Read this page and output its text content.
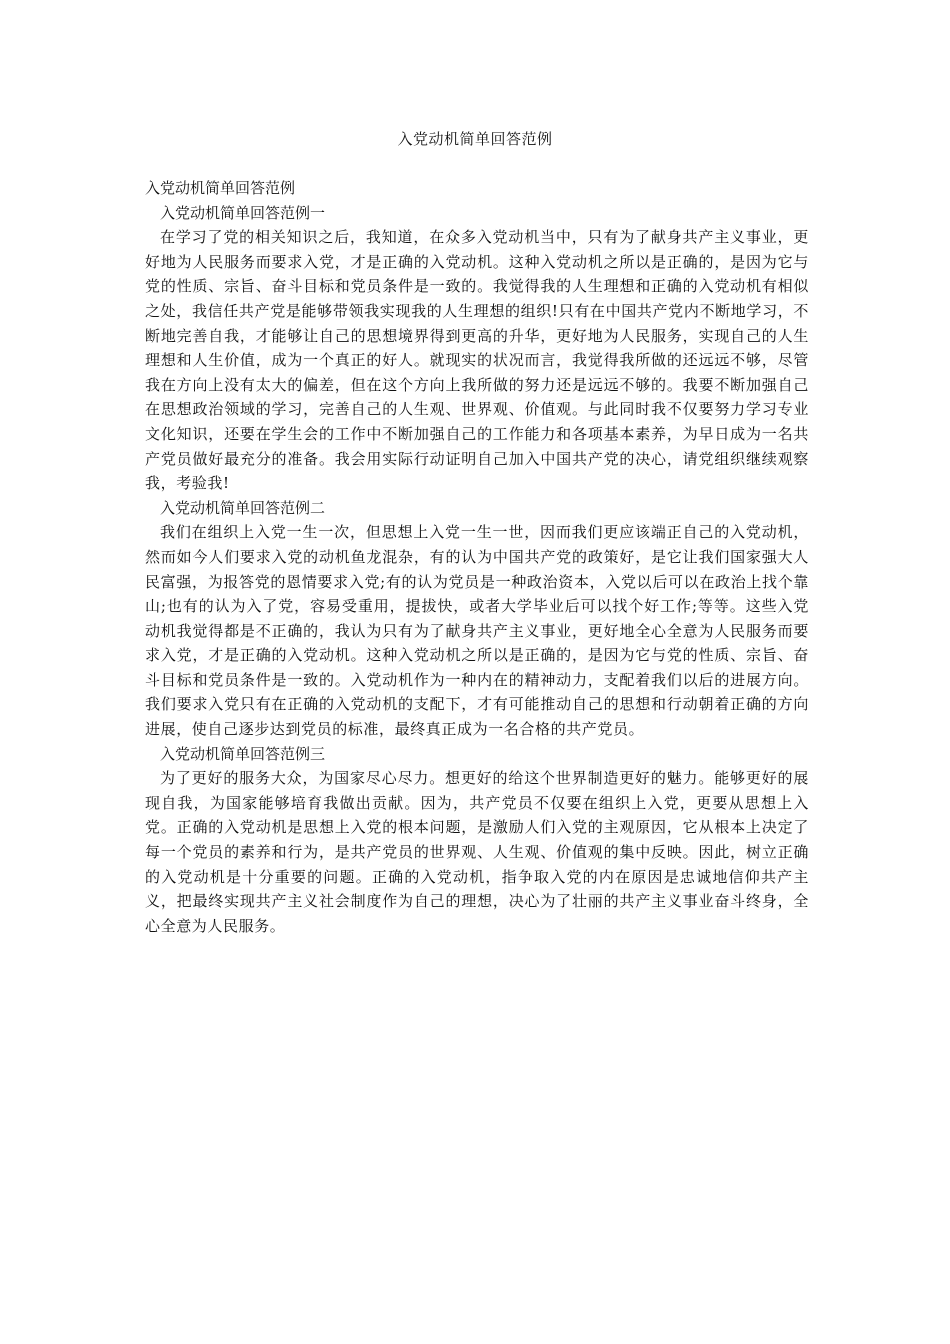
入党动机简单回答范例

入党动机简单回答范例

入党动机简单回答范例一

在学习了党的相关知识之后，我知道，在众多入党动机当中，只有为了献身共产主义事业，更好地为人民服务而要求入党，才是正确的入党动机。这种入党动机之所以是正确的，是因为它与党的性质、宗旨、奋斗目标和党员条件是一致的。我觉得我的人生理想和正确的入党动机有相似之处，我信任共产党是能够带领我实现我的人生理想的组织!只有在中国共产党内不断地学习，不断地完善自我，才能够让自己的思想境界得到更高的升华，更好地为人民服务，实现自己的人生理想和人生价值，成为一个真正的好人。就现实的状况而言，我觉得我所做的还远远不够，尽管我在方向上没有太大的偏差，但在这个方向上我所做的努力还是远远不够的。我要不断加强自己在思想政治领域的学习，完善自己的人生观、世界观、价值观。与此同时我不仅要努力学习专业文化知识，还要在学生会的工作中不断加强自己的工作能力和各项基本素养，为早日成为一名共产党员做好最充分的准备。我会用实际行动证明自己加入中国共产党的决心，请党组织继续观察我，考验我!

入党动机简单回答范例二

我们在组织上入党一生一次，但思想上入党一生一世，因而我们更应该端正自己的入党动机，然而如今人们要求入党的动机鱼龙混杂，有的认为中国共产党的政策好，是它让我们国家强大人民富强，为报答党的恩情要求入党;有的认为党员是一种政治资本，入党以后可以在政治上找个靠山;也有的认为入了党，容易受重用，提拔快，或者大学毕业后可以找个好工作;等等。这些入党动机我觉得都是不正确的，我认为只有为了献身共产主义事业，更好地全心全意为人民服务而要求入党，才是正确的入党动机。这种入党动机之所以是正确的，是因为它与党的性质、宗旨、奋斗目标和党员条件是一致的。入党动机作为一种内在的精神动力，支配着我们以后的进展方向。我们要求入党只有在正确的入党动机的支配下，才有可能推动自己的思想和行动朝着正确的方向进展，使自己逐步达到党员的标准，最终真正成为一名合格的共产党员。

入党动机简单回答范例三

为了更好的服务大众，为国家尽心尽力。想更好的给这个世界制造更好的魅力。能够更好的展现自我，为国家能够培育我做出贡献。因为，共产党员不仅要在组织上入党，更要从思想上入党。正确的入党动机是思想上入党的根本问题，是激励人们入党的主观原因，它从根本上决定了每一个党员的素养和行为，是共产党员的世界观、人生观、价值观的集中反映。因此，树立正确的入党动机是十分重要的问题。正确的入党动机，指争取入党的内在原因是忠诚地信仰共产主义，把最终实现共产主义社会制度作为自己的理想，决心为了壮丽的共产主义事业奋斗终身，全心全意为人民服务。
